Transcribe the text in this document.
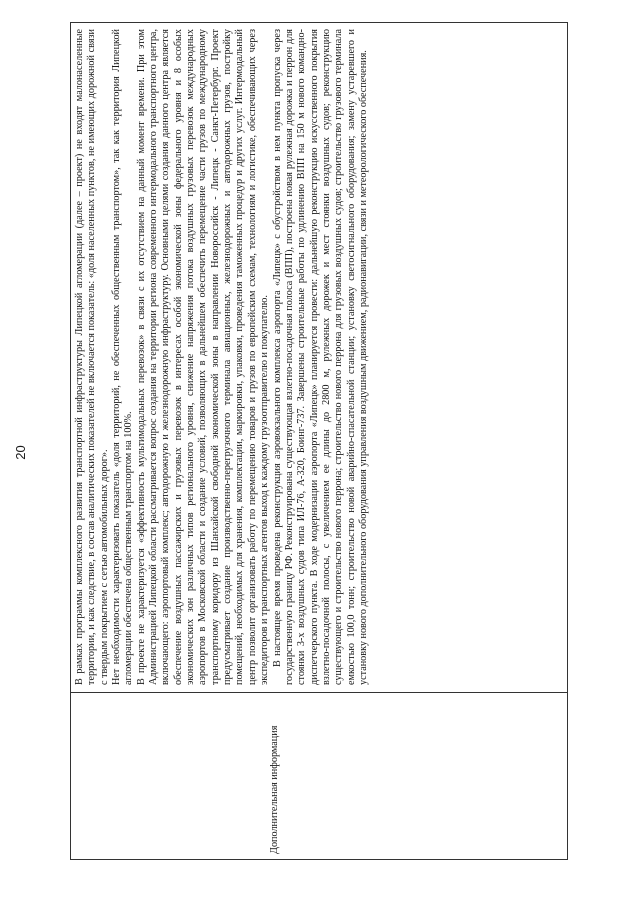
20
Дополнительная информация

В рамках программы комплексного развития транспортной инфраструктуры Липецкой агломерации (далее – проект) не входят малонаселенные территории, и как следствие, в состав аналитических показателей не включается показатель: «доля населенных пунктов, не имеющих дорожной связи с твердым покрытием с сетью автомобильных дорог». Нет необходимости характеризовать показатель «доля территорий, не обеспеченных общественным транспортом», так как территория Липецкой агломерации обеспечена общественным транспортом на 100%. В проекте не характеризуется «эффективность мультимодальных перевозок» в связи с их отсутствием на данный момент времени. При этом Администрацией Липецкой области рассматривается вопрос создания на территории региона современного интермодального транспортного центра, включающего: аэропортовый комплекс; автодорожную и железнодорожную инфраструктуру. Основными целями создания данного центра является обеспечение воздушных пассажирских и грузовых перевозок в интересах особой экономической зоны федерального уровня и 8 особых экономических зон различных типов регионального уровня, снижение напряжения потока воздушных грузовых перевозок международных аэропортов в Московской области и создание условий, позволяющих в дальнейшем обеспечить перемещение части грузов по международному транспортному коридору из Шанхайской свободной экономической зоны в направлении Новороссийск - Липецк - Санкт-Петербург. Проект предусматривает создание производственно-перегрузочного терминала авиационных, железнодорожных и автодорожных грузов, постройку помещений, необходимых для хранения, комплектации, маркировки, упаковки, проведения таможенных процедур и других услуг. Интермодальный центр позволит организовать работу по перемещению товаров и грузов по европейским схемам, технологиям и логистике, обеспечивающих через экспедиторов и транспортных агентов выход к каждому грузоотправителю и покупателю. В настоящее время проведена реконструкция аэровокзального комплекса аэропорта «Липецк» с обустройством в нем пункта пропуска через государственную границу РФ. Реконструирована существующая взлетно-посадочная полоса (ВПП), построена новая рулежная дорожка и перрон для стоянки 3-х воздушных судов типа ИЛ-76, А-320, Боинг-737. Завершены строительные работы по удлинению ВПП на 150 м нового командно-диспетчерского пункта. В ходе модернизации аэропорта «Липецк» планируется провести: дальнейшую реконструкцию искусственного покрытия взлетно-посадочной полосы, с увеличением ее длины до 2800 м, рулежных дорожек и мест стоянки воздушных судов; реконструкцию существующего и строительство нового перрона; строительство нового перрона для грузовых воздушных судов; строительство грузового терминала емкостью 100,0 тонн; строительство новой аварийно-спасательной станции; установку светосигнального оборудования; замену устаревшего и установку нового дополнительного оборудования управления воздушным движением, радионавигации, связи и метеорологического обеспечения.
